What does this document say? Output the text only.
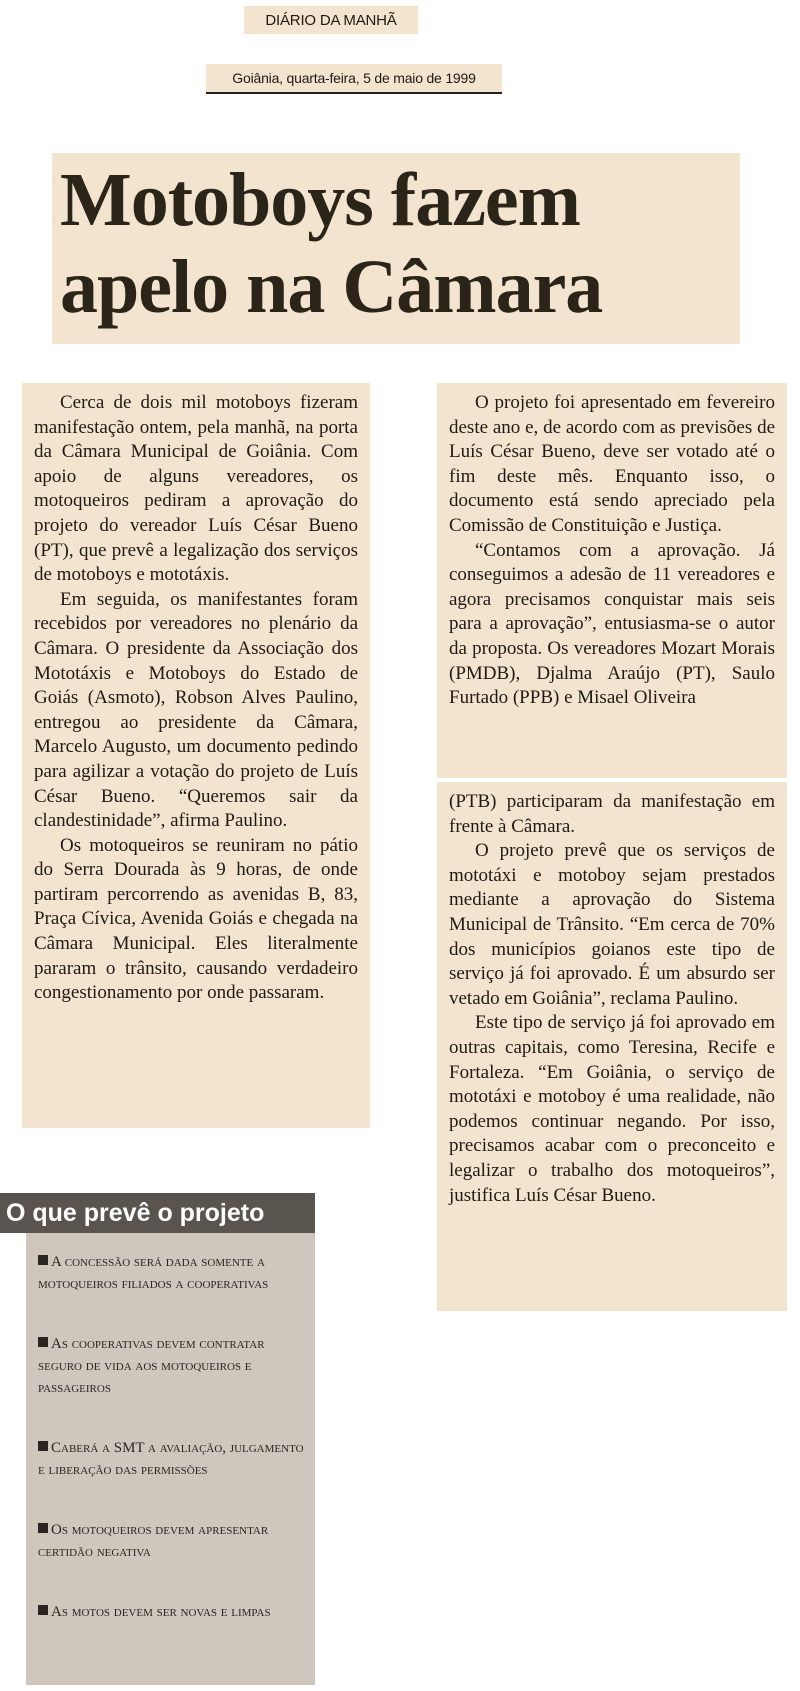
DIÁRIO DA MANHÃ
Goiânia, quarta-feira, 5 de maio de 1999
Motoboys fazem apelo na Câmara

Cerca de dois mil motoboys fizeram manifestação ontem, pela manhã, na porta da Câmara Municipal de Goiânia. Com apoio de alguns vereadores, os motoqueiros pediram a aprovação do projeto do vereador Luís César Bueno (PT), que prevê a legalização dos serviços de motoboys e mototáxis.

Em seguida, os manifestantes foram recebidos por vereadores no plenário da Câmara. O presidente da Associação dos Mototáxis e Motoboys do Estado de Goiás (Asmoto), Robson Alves Paulino, entregou ao presidente da Câmara, Marcelo Augusto, um documento pedindo para agilizar a votação do projeto de Luís César Bueno. “Queremos sair da clandestinidade”, afirma Paulino.

Os motoqueiros se reuniram no pátio do Serra Dourada às 9 horas, de onde partiram percorrendo as avenidas B, 83, Praça Cívica, Avenida Goiás e chegada na Câmara Municipal. Eles literalmente pararam o trânsito, causando verdadeiro congestionamento por onde passaram.

O projeto foi apresentado em fevereiro deste ano e, de acordo com as previsões de Luís César Bueno, deve ser votado até o fim deste mês. Enquanto isso, o documento está sendo apreciado pela Comissão de Constituição e Justiça.

“Contamos com a aprovação. Já conseguimos a adesão de 11 vereadores e agora precisamos conquistar mais seis para a aprovação”, entusiasma-se o autor da proposta. Os vereadores Mozart Morais (PMDB), Djalma Araújo (PT), Saulo Furtado (PPB) e Misael Oliveira

(PTB) participaram da manifestação em frente à Câmara.

O projeto prevê que os serviços de mototáxi e motoboy sejam prestados mediante a aprovação do Sistema Municipal de Trânsito. “Em cerca de 70% dos municípios goianos este tipo de serviço já foi aprovado. É um absurdo ser vetado em Goiânia”, reclama Paulino.

Este tipo de serviço já foi aprovado em outras capitais, como Teresina, Recife e Fortaleza. “Em Goiânia, o serviço de mototáxi e motoboy é uma realidade, não podemos continuar negando. Por isso, precisamos acabar com o preconceito e legalizar o trabalho dos motoqueiros”, justifica Luís César Bueno.

O que prevê o projeto

A concessão será dada somente a motoqueiros filiados a cooperativas

As cooperativas devem contratar seguro de vida aos motoqueiros e passageiros

Caberá a SMT a avaliação, julgamento e liberação das permissões

Os motoqueiros devem apresentar certidão negativa

As motos devem ser novas e limpas
